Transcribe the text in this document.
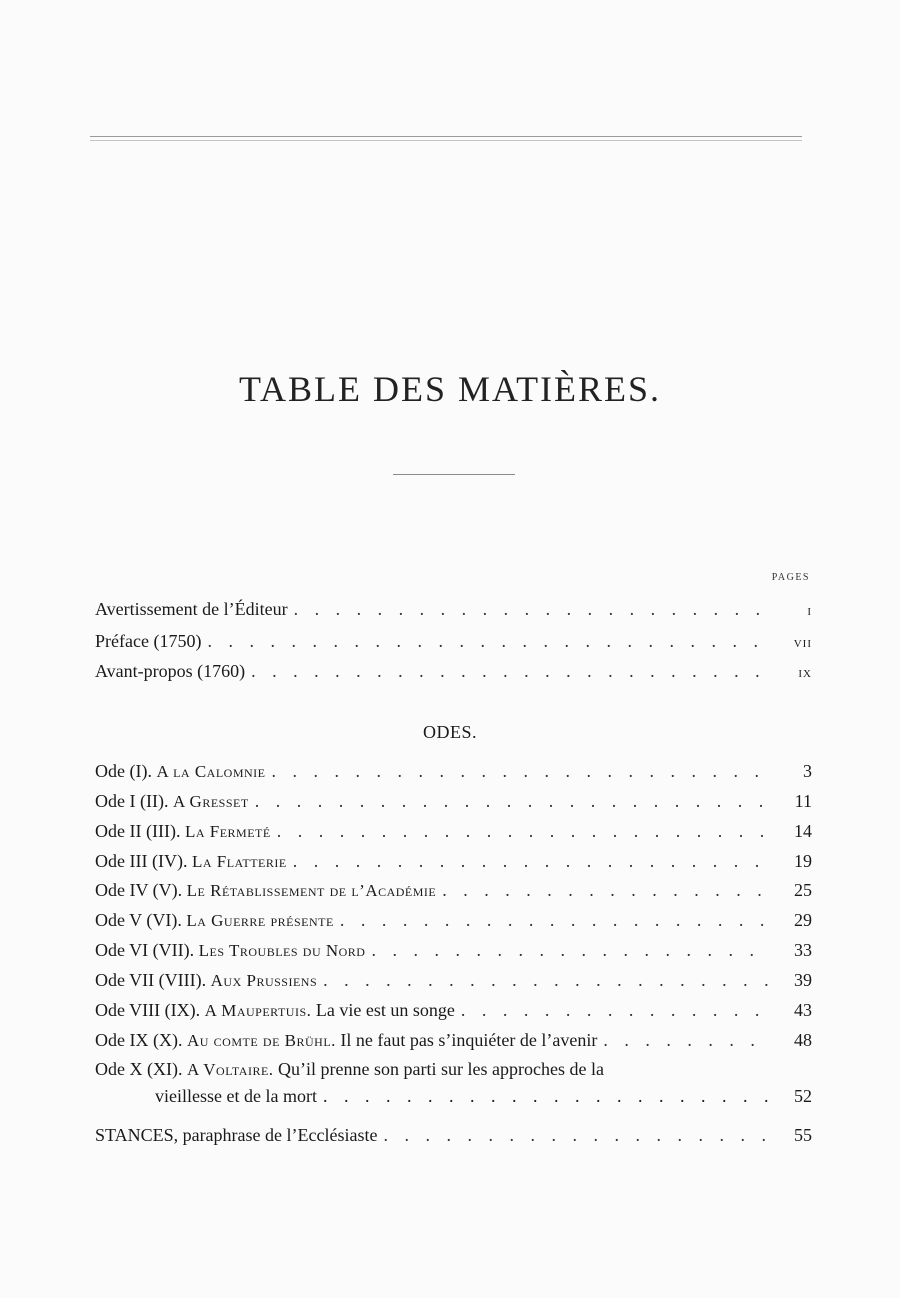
TABLE DES MATIÈRES.
PAGES
Avertissement de l’Éditeur . . .	I
Préface (1750) . . .	VII
Avant-propos (1760) . . .	IX
ODES.
Ode (I). A la Calomnie . . .	3
Ode I (II). A Gresset . . .	11
Ode II (III). La Fermeté . . .	14
Ode III (IV). La Flatterie . . .	19
Ode IV (V). Le Rétablissement de l’Académie . . .	25
Ode V (VI). La Guerre présente . . .	29
Ode VI (VII). Les Troubles du Nord . . .	33
Ode VII (VIII). Aux Prussiens . . .	39
Ode VIII (IX). A Maupertuis. La vie est un songe . . .	43
Ode IX (X). Au comte de Brühl. Il ne faut pas s’inquiéter de l’avenir . . .	48
Ode X (XI). A Voltaire. Qu’il prenne son parti sur les approches de la
vieillesse et de la mort . . .	52
STANCES, paraphrase de l’Ecclésiaste . . .	55
